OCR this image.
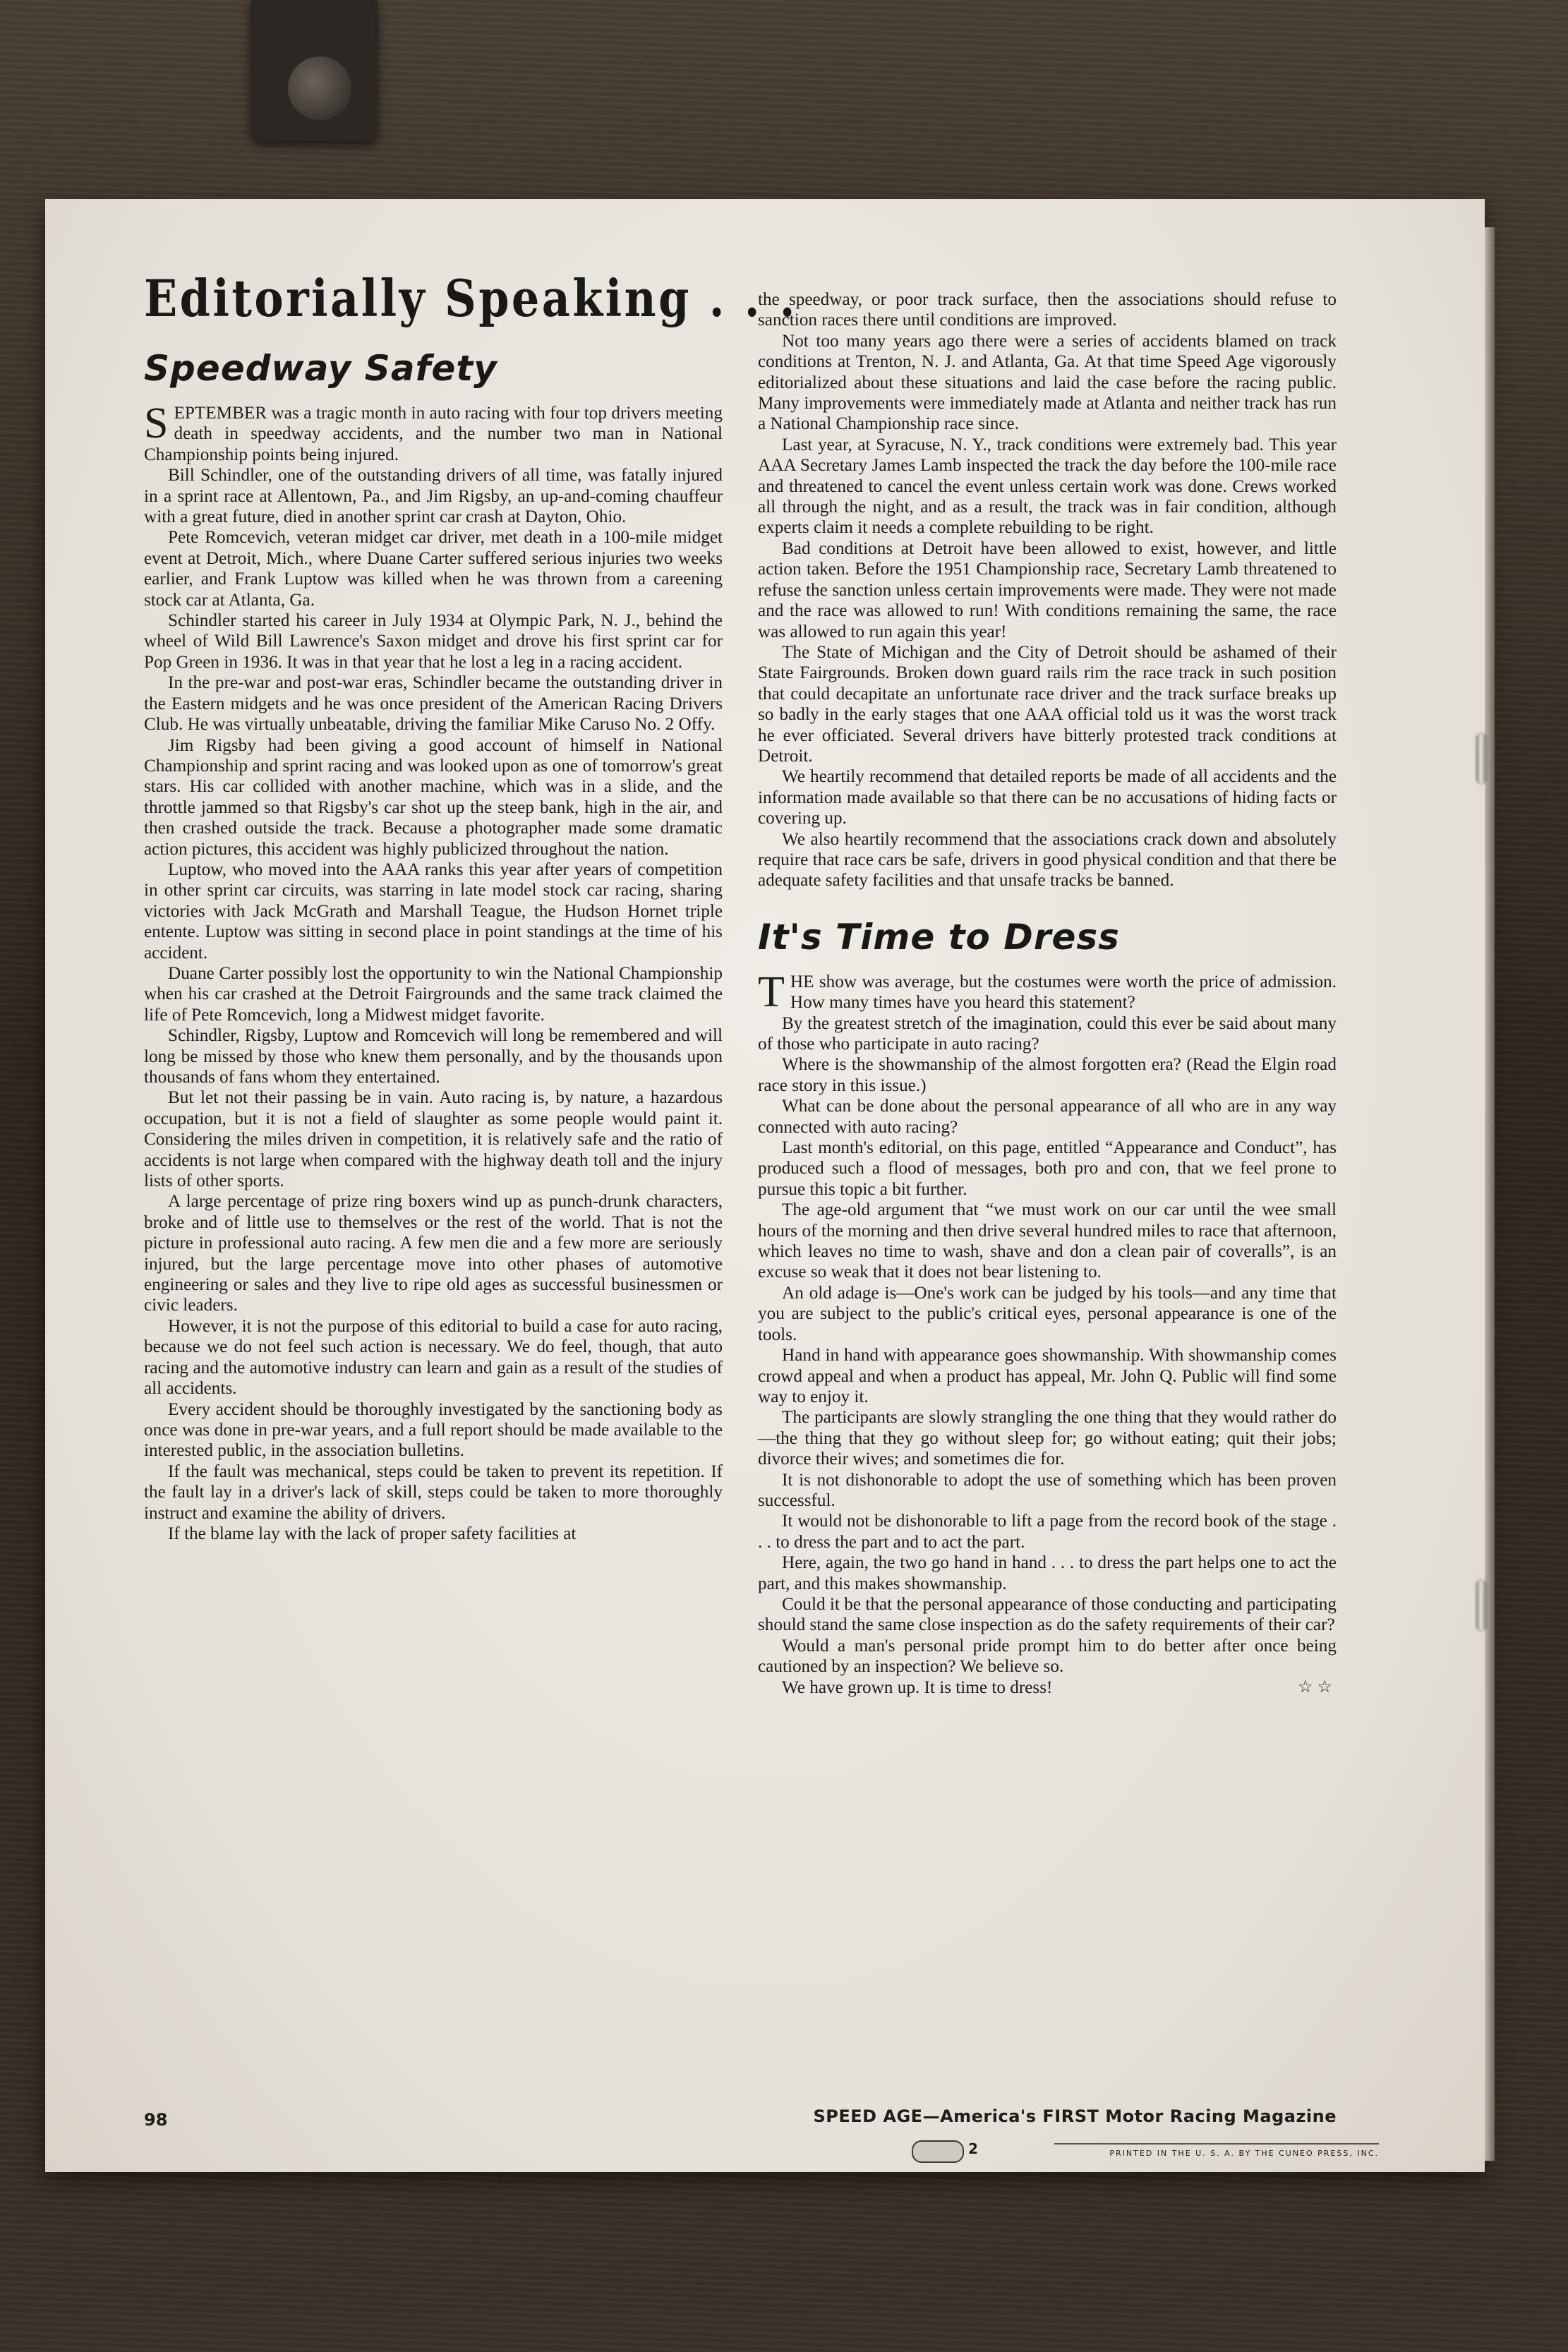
Editorially Speaking . . .
Speedway Safety

SEPTEMBER was a tragic month in auto racing with four top drivers meeting death in speedway accidents, and the number two man in National Championship points being injured.

Bill Schindler, one of the outstanding drivers of all time, was fatally injured in a sprint race at Allentown, Pa., and Jim Rigsby, an up-and-coming chauffeur with a great future, died in another sprint car crash at Dayton, Ohio.

Pete Romcevich, veteran midget car driver, met death in a 100-mile midget event at Detroit, Mich., where Duane Carter suffered serious injuries two weeks earlier, and Frank Luptow was killed when he was thrown from a careening stock car at Atlanta, Ga.

Schindler started his career in July 1934 at Olympic Park, N. J., behind the wheel of Wild Bill Lawrence's Saxon midget and drove his first sprint car for Pop Green in 1936. It was in that year that he lost a leg in a racing accident.

In the pre-war and post-war eras, Schindler became the outstanding driver in the Eastern midgets and he was once president of the American Racing Drivers Club. He was virtually unbeatable, driving the familiar Mike Caruso No. 2 Offy.

Jim Rigsby had been giving a good account of himself in National Championship and sprint racing and was looked upon as one of tomorrow's great stars. His car collided with another machine, which was in a slide, and the throttle jammed so that Rigsby's car shot up the steep bank, high in the air, and then crashed outside the track. Because a photographer made some dramatic action pictures, this accident was highly publicized throughout the nation.

Luptow, who moved into the AAA ranks this year after years of competition in other sprint car circuits, was starring in late model stock car racing, sharing victories with Jack McGrath and Marshall Teague, the Hudson Hornet triple entente. Luptow was sitting in second place in point standings at the time of his accident.

Duane Carter possibly lost the opportunity to win the National Championship when his car crashed at the Detroit Fairgrounds and the same track claimed the life of Pete Romcevich, long a Midwest midget favorite.

Schindler, Rigsby, Luptow and Romcevich will long be remembered and will long be missed by those who knew them personally, and by the thousands upon thousands of fans whom they entertained.

But let not their passing be in vain. Auto racing is, by nature, a hazardous occupation, but it is not a field of slaughter as some people would paint it. Considering the miles driven in competition, it is relatively safe and the ratio of accidents is not large when compared with the highway death toll and the injury lists of other sports.

A large percentage of prize ring boxers wind up as punch-drunk characters, broke and of little use to themselves or the rest of the world. That is not the picture in professional auto racing. A few men die and a few more are seriously injured, but the large percentage move into other phases of automotive engineering or sales and they live to ripe old ages as successful businessmen or civic leaders.

However, it is not the purpose of this editorial to build a case for auto racing, because we do not feel such action is necessary. We do feel, though, that auto racing and the automotive industry can learn and gain as a result of the studies of all accidents.

Every accident should be thoroughly investigated by the sanctioning body as once was done in pre-war years, and a full report should be made available to the interested public, in the association bulletins.

If the fault was mechanical, steps could be taken to prevent its repetition. If the fault lay in a driver's lack of skill, steps could be taken to more thoroughly instruct and examine the ability of drivers.

If the blame lay with the lack of proper safety facilities at

the speedway, or poor track surface, then the associations should refuse to sanction races there until conditions are improved.

Not too many years ago there were a series of accidents blamed on track conditions at Trenton, N. J. and Atlanta, Ga. At that time Speed Age vigorously editorialized about these situations and laid the case before the racing public. Many improvements were immediately made at Atlanta and neither track has run a National Championship race since.

Last year, at Syracuse, N. Y., track conditions were extremely bad. This year AAA Secretary James Lamb inspected the track the day before the 100-mile race and threatened to cancel the event unless certain work was done. Crews worked all through the night, and as a result, the track was in fair condition, although experts claim it needs a complete rebuilding to be right.

Bad conditions at Detroit have been allowed to exist, however, and little action taken. Before the 1951 Championship race, Secretary Lamb threatened to refuse the sanction unless certain improvements were made. They were not made and the race was allowed to run! With conditions remaining the same, the race was allowed to run again this year!

The State of Michigan and the City of Detroit should be ashamed of their State Fairgrounds. Broken down guard rails rim the race track in such position that could decapitate an unfortunate race driver and the track surface breaks up so badly in the early stages that one AAA official told us it was the worst track he ever officiated. Several drivers have bitterly protested track conditions at Detroit.

We heartily recommend that detailed reports be made of all accidents and the information made available so that there can be no accusations of hiding facts or covering up.

We also heartily recommend that the associations crack down and absolutely require that race cars be safe, drivers in good physical condition and that there be adequate safety facilities and that unsafe tracks be banned.

It's Time to Dress

THE show was average, but the costumes were worth the price of admission. How many times have you heard this statement?

By the greatest stretch of the imagination, could this ever be said about many of those who participate in auto racing?

Where is the showmanship of the almost forgotten era? (Read the Elgin road race story in this issue.)

What can be done about the personal appearance of all who are in any way connected with auto racing?

Last month's editorial, on this page, entitled “Appearance and Conduct”, has produced such a flood of messages, both pro and con, that we feel prone to pursue this topic a bit further.

The age-old argument that “we must work on our car until the wee small hours of the morning and then drive several hundred miles to race that afternoon, which leaves no time to wash, shave and don a clean pair of coveralls”, is an excuse so weak that it does not bear listening to.

An old adage is—One's work can be judged by his tools—and any time that you are subject to the public's critical eyes, personal appearance is one of the tools.

Hand in hand with appearance goes showmanship. With showmanship comes crowd appeal and when a product has appeal, Mr. John Q. Public will find some way to enjoy it.

The participants are slowly strangling the one thing that they would rather do—the thing that they go without sleep for; go without eating; quit their jobs; divorce their wives; and sometimes die for.

It is not dishonorable to adopt the use of something which has been proven successful.

It would not be dishonorable to lift a page from the record book of the stage . . . to dress the part and to act the part.

Here, again, the two go hand in hand . . . to dress the part helps one to act the part, and this makes showmanship.

Could it be that the personal appearance of those conducting and participating should stand the same close inspection as do the safety requirements of their car?

Would a man's personal pride prompt him to do better after once being cautioned by an inspection? We believe so.

We have grown up. It is time to dress!	☆☆

98	SPEED AGE—America's FIRST Motor Racing Magazine
2	PRINTED IN THE U. S. A. BY THE CUNEO PRESS, INC.
